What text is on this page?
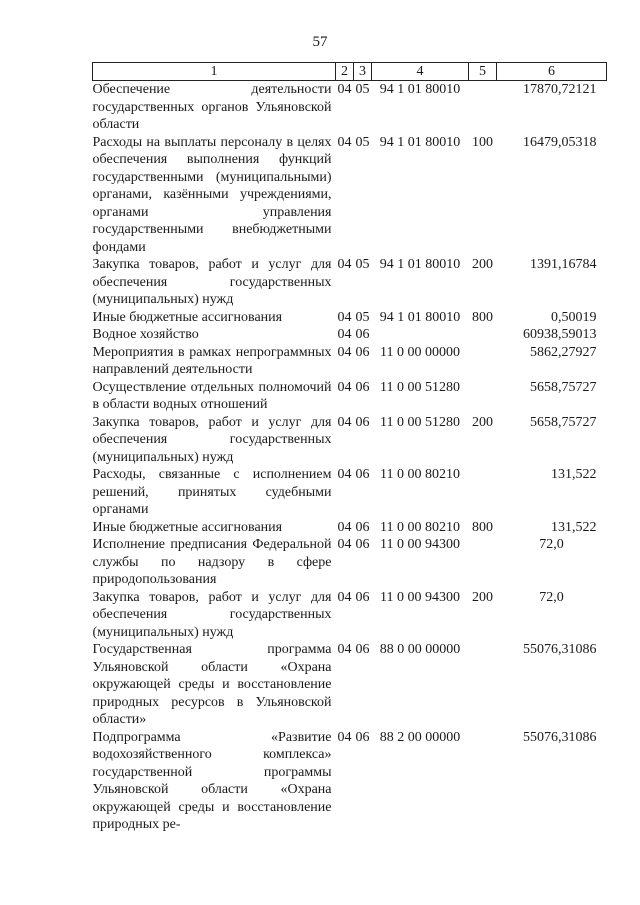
57
1	2	3	4	5	6
Обеспечение деятельности государственных органов Ульяновской области	04	05	94 1 01 80010		17870,72121
Расходы на выплаты персоналу в целях обеспечения выполнения функций государственными (муниципальными) органами, казёнными учреждениями, органами управления государственными внебюджетными фондами	04	05	94 1 01 80010	100	16479,05318
Закупка товаров, работ и услуг для обеспечения государственных (муниципальных) нужд	04	05	94 1 01 80010	200	1391,16784
Иные бюджетные ассигнования	04	05	94 1 01 80010	800	0,50019
Водное хозяйство	04	06			60938,59013
Мероприятия в рамках непрограммных направлений деятельности	04	06	11 0 00 00000		5862,27927
Осуществление отдельных полномочий в области водных отношений	04	06	11 0 00 51280		5658,75727
Закупка товаров, работ и услуг для обеспечения государственных (муниципальных) нужд	04	06	11 0 00 51280	200	5658,75727
Расходы, связанные с исполнением решений, принятых судебными органами	04	06	11 0 00 80210		131,522
Иные бюджетные ассигнования	04	06	11 0 00 80210	800	131,522
Исполнение предписания Федеральной службы по надзору в сфере природопользования	04	06	11 0 00 94300		72,0
Закупка товаров, работ и услуг для обеспечения государственных (муниципальных) нужд	04	06	11 0 00 94300	200	72,0
Государственная программа Ульяновской области «Охрана окружающей среды и восстановление природных ресурсов в Ульяновской области»	04	06	88 0 00 00000		55076,31086
Подпрограмма «Развитие водохозяйственного комплекса» государственной программы Ульяновской области «Охрана окружающей среды и восстановление природных ре-	04	06	88 2 00 00000		55076,31086
